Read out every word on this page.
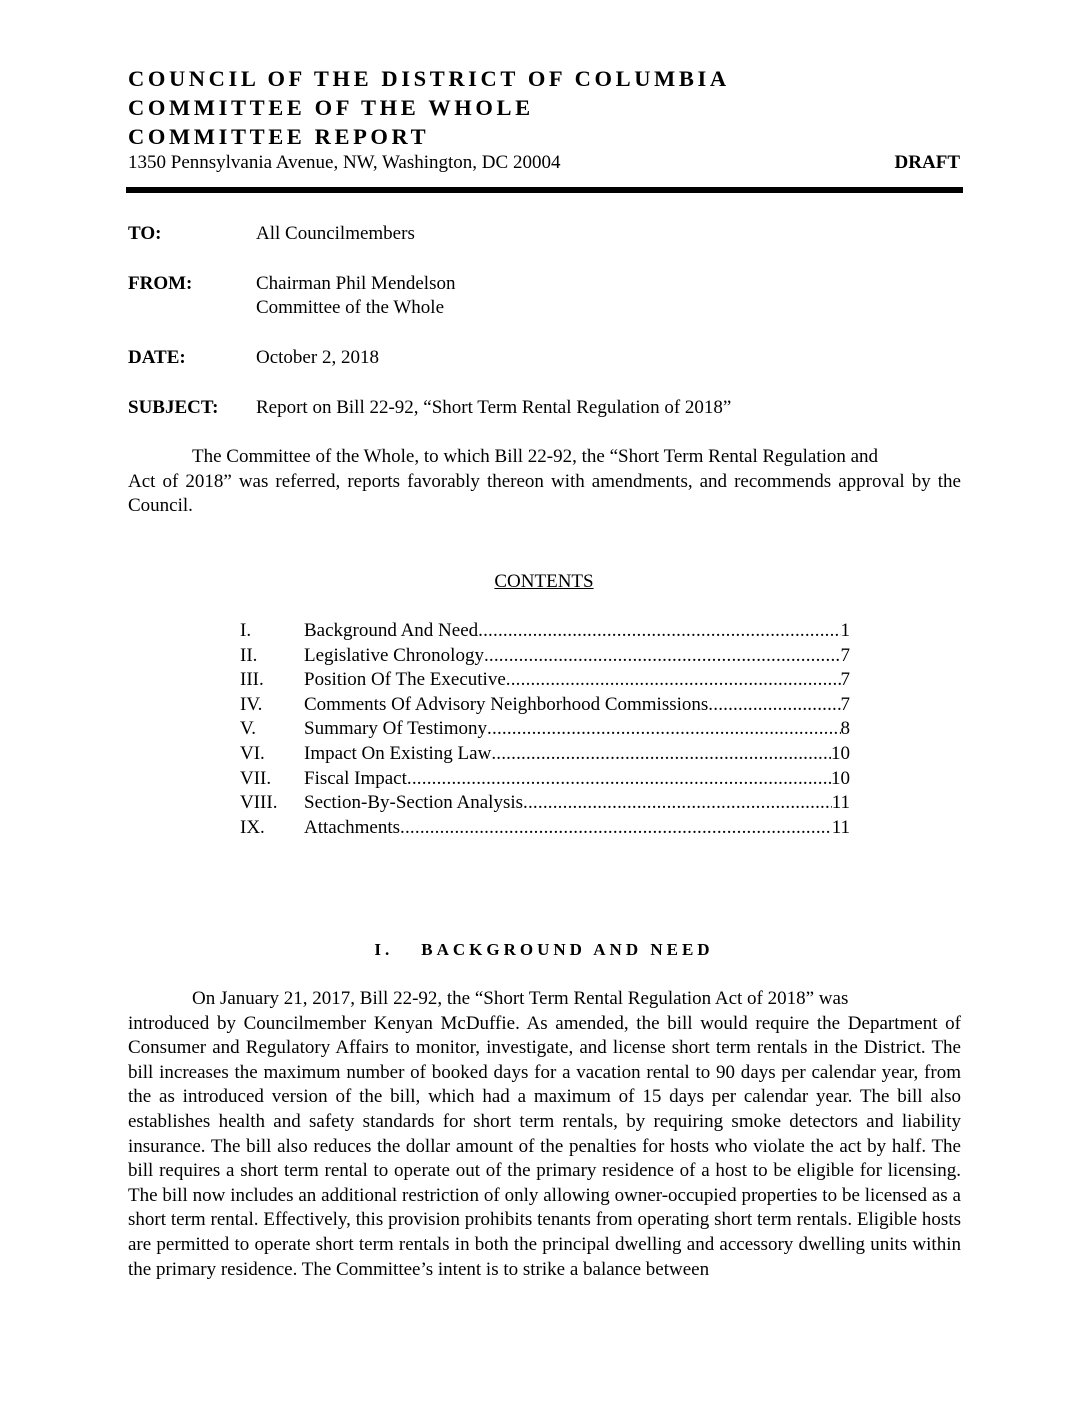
COUNCIL OF THE DISTRICT OF COLUMBIA
COMMITTEE OF THE WHOLE
COMMITTEE REPORT
1350 Pennsylvania Avenue, NW, Washington, DC 20004	DRAFT
TO:	All Councilmembers
FROM:	Chairman Phil Mendelson
Committee of the Whole
DATE:	October 2, 2018
SUBJECT: Report on Bill 22-92, “Short Term Rental Regulation of 2018”
The Committee of the Whole, to which Bill 22-92, the “Short Term Rental Regulation and
Act of 2018” was referred, reports favorably thereon with amendments, and recommends approval by the Council.
CONTENTS
I.	Background And Need .....	1
II.	Legislative Chronology .....	7
III.	Position Of The Executive .....	7
IV.	Comments Of Advisory Neighborhood Commissions .....	7
V.	Summary Of Testimony .....	8
VI.	Impact On Existing Law .....	10
VII.	Fiscal Impact .....	10
VIII.	Section-By-Section Analysis .....	11
IX.	Attachments .....	11
I. BACKGROUND AND NEED
On January 21, 2017, Bill 22-92, the “Short Term Rental Regulation Act of 2018” was
introduced by Councilmember Kenyan McDuffie. As amended, the bill would require the Department of Consumer and Regulatory Affairs to monitor, investigate, and license short term rentals in the District. The bill increases the maximum number of booked days for a vacation rental to 90 days per calendar year, from the as introduced version of the bill, which had a maximum of 15 days per calendar year. The bill also establishes health and safety standards for short term rentals, by requiring smoke detectors and liability insurance. The bill also reduces the dollar amount of the penalties for hosts who violate the act by half. The bill requires a short term rental to operate out of the primary residence of a host to be eligible for licensing. The bill now includes an additional restriction of only allowing owner-occupied properties to be licensed as a short term rental. Effectively, this provision prohibits tenants from operating short term rentals. Eligible hosts are permitted to operate short term rentals in both the principal dwelling and accessory dwelling units within the primary residence. The Committee’s intent is to strike a balance between
